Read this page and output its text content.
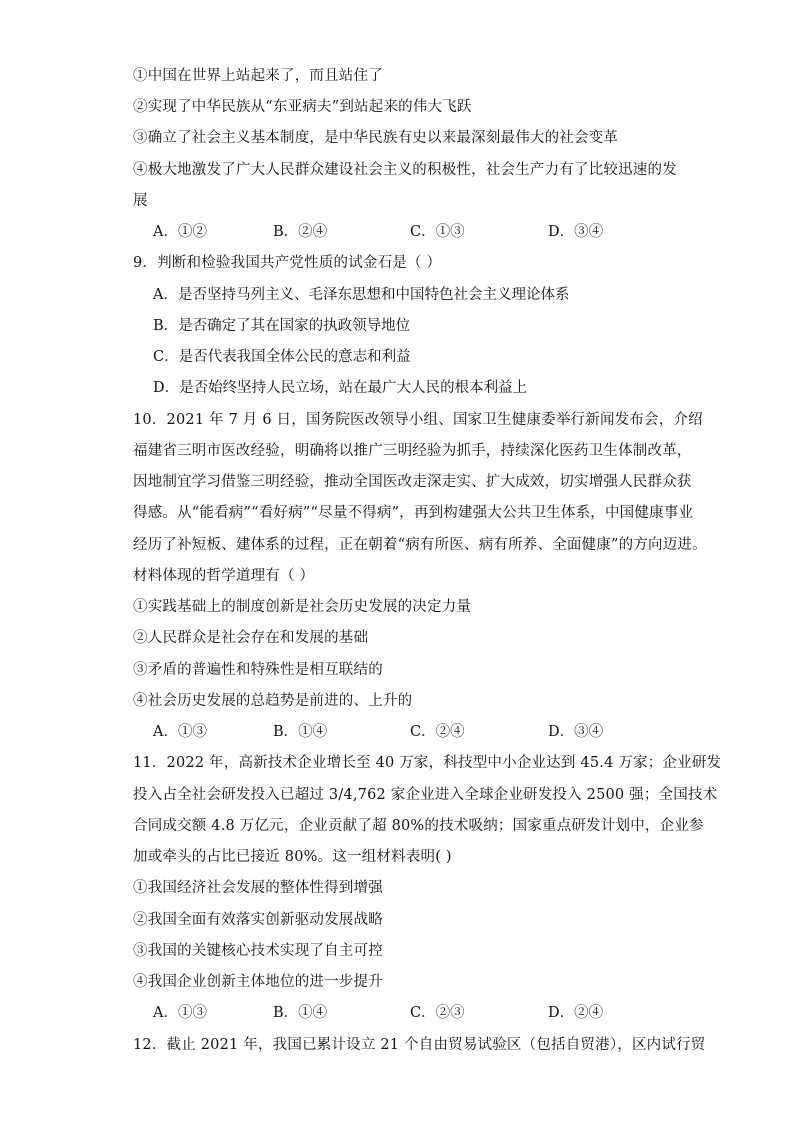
①中国在世界上站起来了，而且站住了
②实现了中华民族从“东亚病夫”到站起来的伟大飞跃
③确立了社会主义基本制度，是中华民族有史以来最深刻最伟大的社会变革
④极大地激发了广大人民群众建设社会主义的积极性，社会生产力有了比较迅速的发
展
A．①②	B．②④	C．①③	D．③④
9．判断和检验我国共产党性质的试金石是（ ）
A．是否坚持马列主义、毛泽东思想和中国特色社会主义理论体系
B．是否确定了其在国家的执政领导地位
C．是否代表我国全体公民的意志和利益
D．是否始终坚持人民立场，站在最广大人民的根本利益上
10．2021 年 7 月 6 日，国务院医改领导小组、国家卫生健康委举行新闻发布会，介绍
福建省三明市医改经验，明确将以推广三明经验为抓手，持续深化医药卫生体制改革，
因地制宜学习借鉴三明经验，推动全国医改走深走实、扩大成效，切实增强人民群众获
得感。从“能看病”“看好病”“尽量不得病”，再到构建强大公共卫生体系，中国健康事业
经历了补短板、建体系的过程，正在朝着“病有所医、病有所养、全面健康”的方向迈进。
材料体现的哲学道理有（ ）
①实践基础上的制度创新是社会历史发展的决定力量
②人民群众是社会存在和发展的基础
③矛盾的普遍性和特殊性是相互联结的
④社会历史发展的总趋势是前进的、上升的
A．①③	B．①④	C．②④	D．③④
11．2022 年，高新技术企业增长至 40 万家，科技型中小企业达到 45.4 万家；企业研发
投入占全社会研发投入已超过 3/4,762 家企业进入全球企业研发投入 2500 强；全国技术
合同成交额 4.8 万亿元，企业贡献了超 80%的技术吸纳；国家重点研发计划中，企业参
加或牵头的占比已接近 80%。这一组材料表明( )
①我国经济社会发展的整体性得到增强
②我国全面有效落实创新驱动发展战略
③我国的关键核心技术实现了自主可控
④我国企业创新主体地位的进一步提升
A．①③	B．①④	C．②③	D．②④
12．截止 2021 年，我国已累计设立 21 个自由贸易试验区（包括自贸港），区内试行贸
